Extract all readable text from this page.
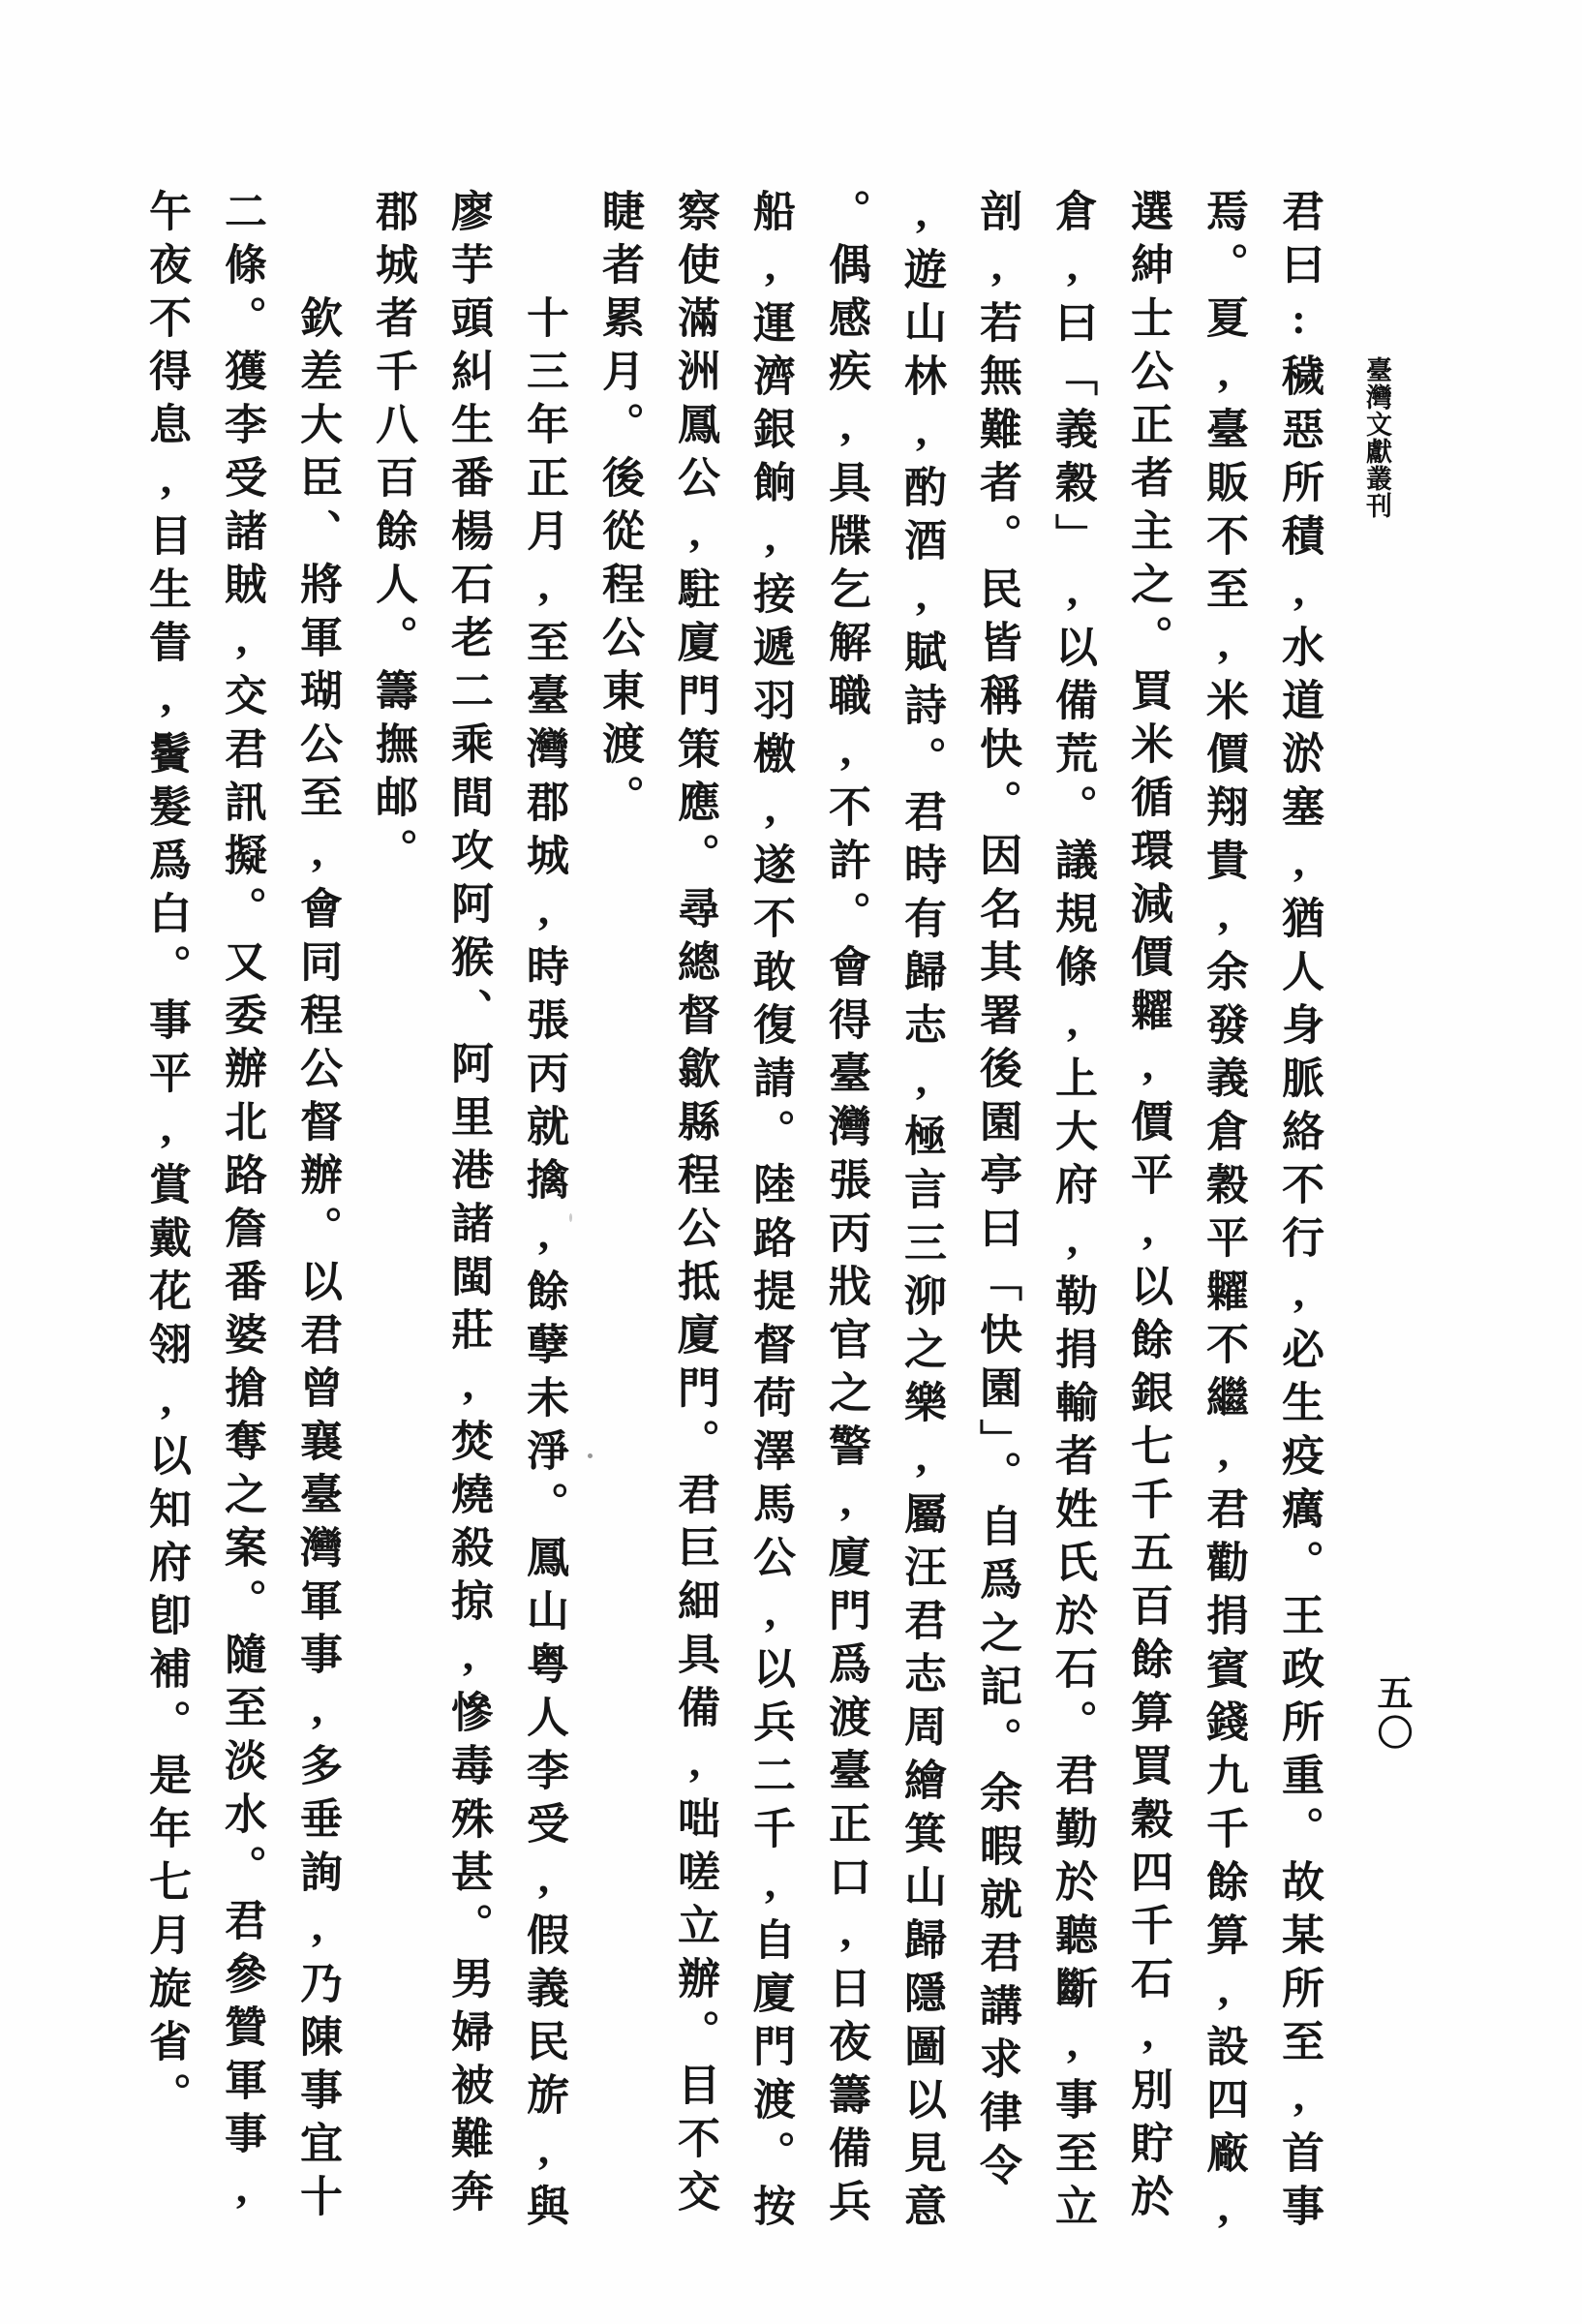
臺灣文獻叢刊
五〇
君曰:穢惡所積,水道淤塞,猶人身脈絡不行,必生疫癘。王政所重。故某所至,首事
焉。夏,臺販不至,米價翔貴,余發義倉穀平糶不繼,君勸捐賓錢九千餘算,設四廠,
選紳士公正者主之。買米循環減價糶,價平,以餘銀七千五百餘算買穀四千石,別貯於
倉,曰「義穀」,以備荒。議規條,上大府,勒捐輸者姓氏於石。君勤於聽斷,事至立
剖,若無難者。民皆稱快。因名其署後園亭曰「快園」。自爲之記。余暇就君講求律令
,遊山林,酌酒,賦詩。君時有歸志,極言三泖之樂,屬汪君志周繪箕山歸隱圖以見意
。偶感疾,具牒乞解職,不許。會得臺灣張丙戕官之警,廈門爲渡臺正口,日夜籌備兵
船,運濟銀餉,接遞羽檄,遂不敢復請。陸路提督荷澤馬公,以兵二千,自廈門渡。按
察使滿洲鳳公,駐廈門策應。尋總督歙縣程公抵廈門。君巨細具備,咄嗟立辦。目不交
睫者累月。後從程公東渡。
　　十三年正月,至臺灣郡城,時張丙就擒,餘孽未淨。鳳山粤人李受,假義民旂,與
廖芋頭糾生番楊石老二乘間攻阿猴、阿里港諸閩莊,焚燒殺掠,慘毒殊甚。男婦被難奔
郡城者千八百餘人。籌撫邮。
　　欽差大臣、將軍瑚公至,會同程公督辦。以君曾襄臺灣軍事,多垂詢,乃陳事宜十
二條。獲李受諸賊,交君訊擬。又委辦北路詹番婆搶奪之案。隨至淡水。君參贊軍事,
午夜不得息,目生眚,鬢髮爲白。事平,賞戴花翎,以知府卽補。是年七月旋省。
